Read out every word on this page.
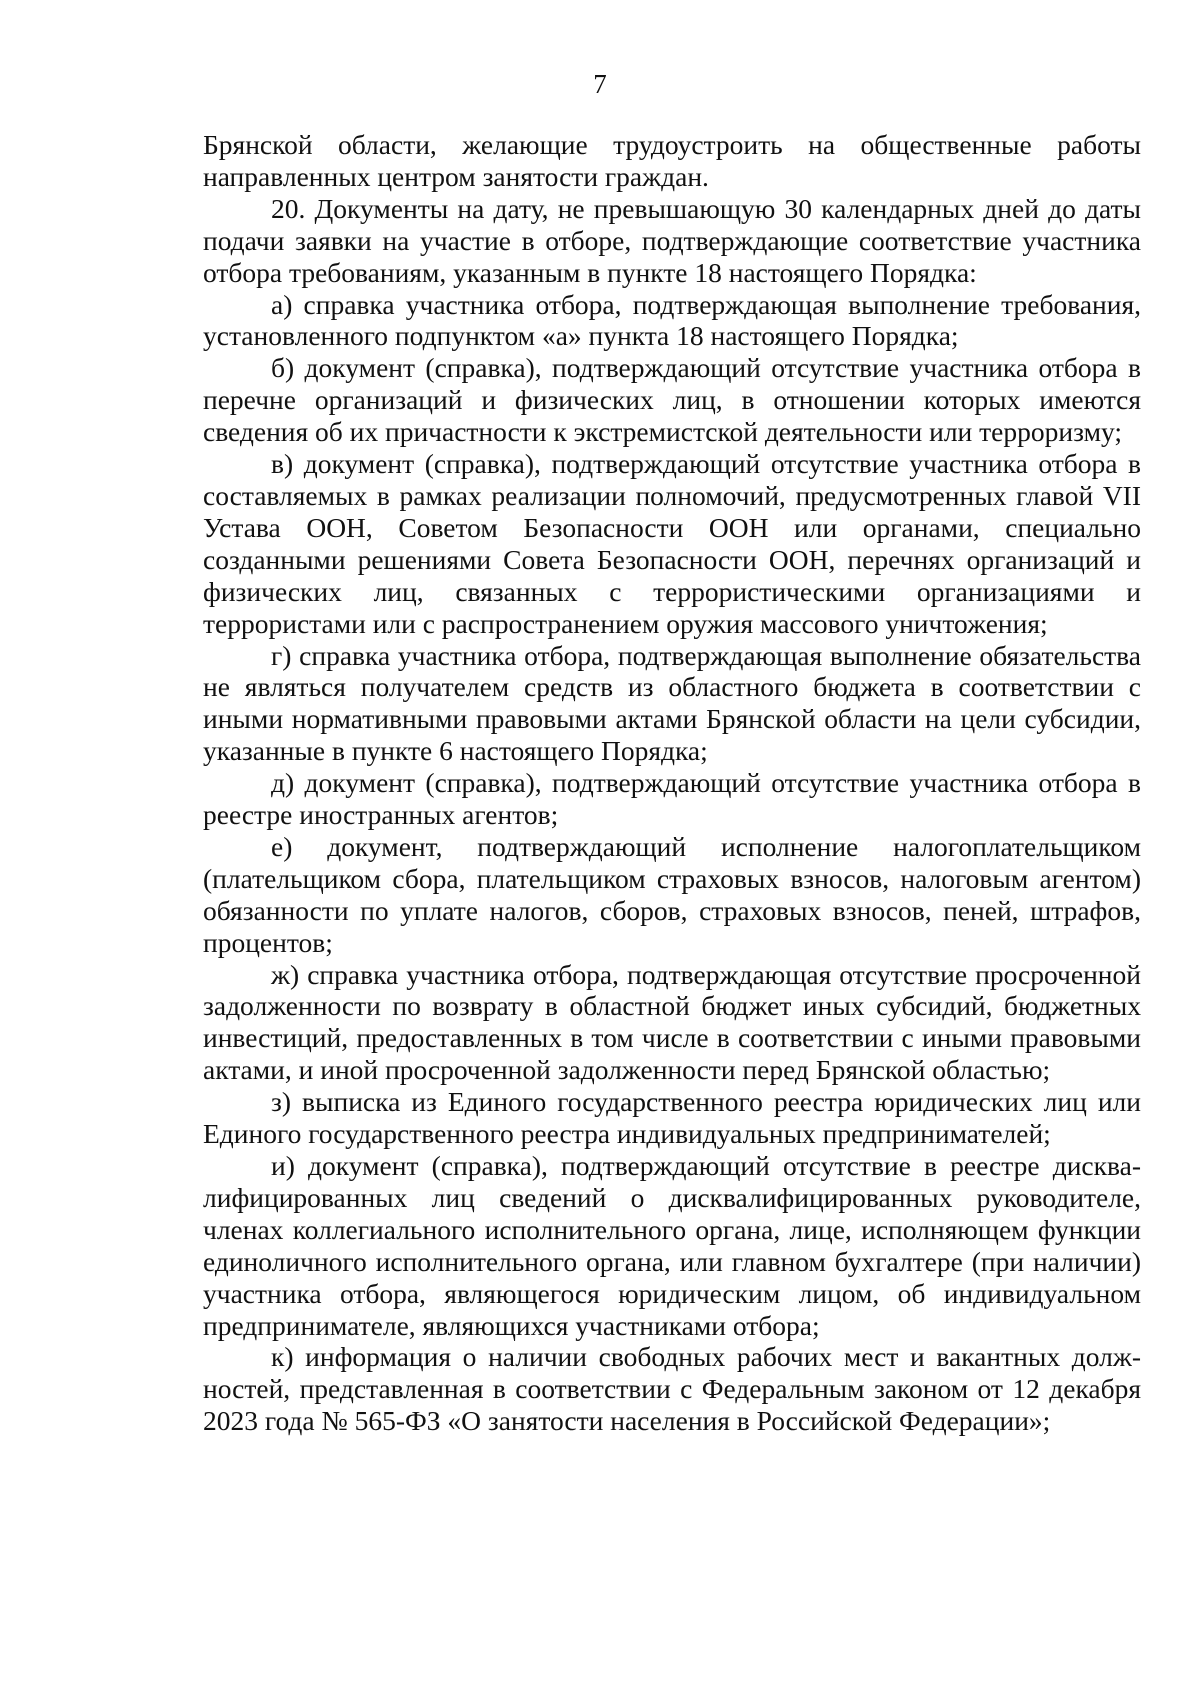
7

Брянской области, желающие трудоустроить на общественные работы направленных центром занятости граждан.

20. Документы на дату, не превышающую 30 календарных дней до даты подачи заявки на участие в отборе, подтверждающие соответствие участника отбора требованиям, указанным в пункте 18 настоящего Порядка:

а) справка участника отбора, подтверждающая выполнение требования, установленного подпунктом «а» пункта 18 настоящего Порядка;

б) документ (справка), подтверждающий отсутствие участника отбора в перечне организаций и физических лиц, в отношении которых имеются сведения об их причастности к экстремистской деятельности или терроризму;

в) документ (справка), подтверждающий отсутствие участника отбора в составляемых в рамках реализации полномочий, предусмотренных главой VII Устава ООН, Советом Безопасности ООН или органами, специально созданными решениями Совета Безопасности ООН, перечнях организаций и физических лиц, связанных с террористическими организациями и террористами или с распространением оружия массового уничтожения;

г) справка участника отбора, подтверждающая выполнение обязательства не являться получателем средств из областного бюджета в соответствии с иными нормативными правовыми актами Брянской области на цели субсидии, указанные в пункте 6 настоящего Порядка;

д) документ (справка), подтверждающий отсутствие участника отбора в реестре иностранных агентов;

е) документ, подтверждающий исполнение налогоплательщиком (плательщиком сбора, плательщиком страховых взносов, налоговым агентом) обязанности по уплате налогов, сборов, страховых взносов, пеней, штрафов, процентов;

ж) справка участника отбора, подтверждающая отсутствие просроченной задолженности по возврату в областной бюджет иных субсидий, бюджетных инвестиций, предоставленных в том числе в соответствии с иными правовыми актами, и иной просроченной задолженности перед Брянской областью;

з) выписка из Единого государственного реестра юридических лиц или Единого государственного реестра индивидуальных предпринимателей;

и) документ (справка), подтверждающий отсутствие в реестре дисквалифицированных лиц сведений о дисквалифицированных руководителе, членах коллегиального исполнительного органа, лице, исполняющем функции единоличного исполнительного органа, или главном бухгалтере (при наличии) участника отбора, являющегося юридическим лицом, об индивидуальном предпринимателе, являющихся участниками отбора;

к) информация о наличии свободных рабочих мест и вакантных должностей, представленная в соответствии с Федеральным законом от 12 декабря 2023 года № 565-ФЗ «О занятости населения в Российской Федерации»;
